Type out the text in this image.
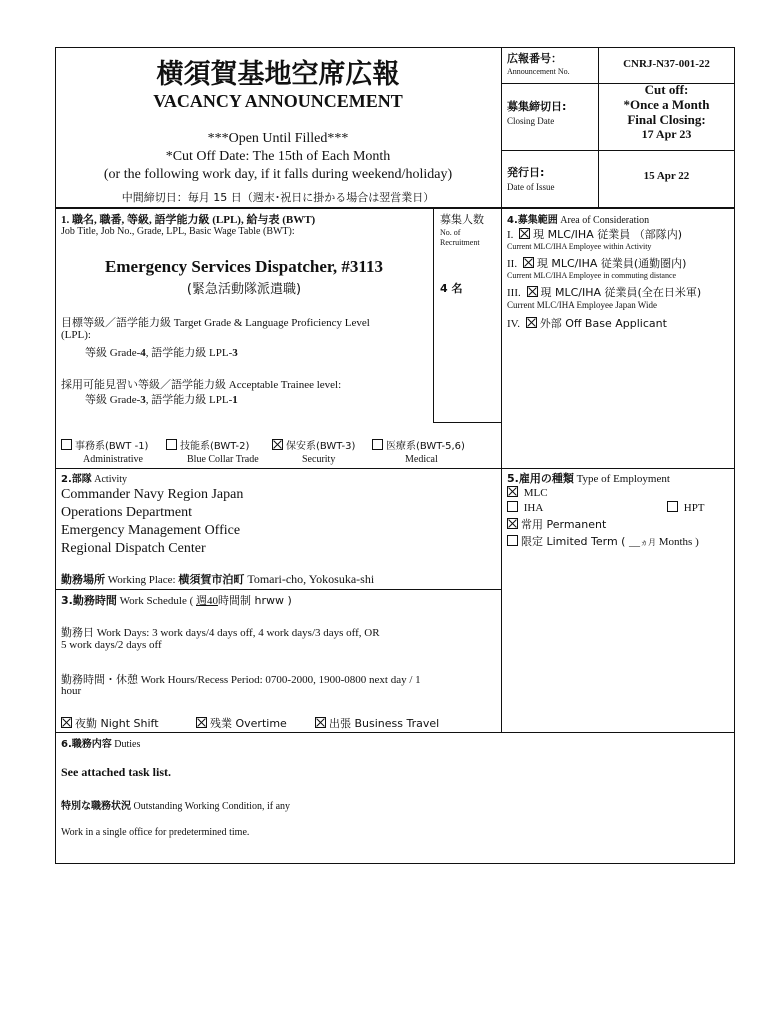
横須賀基地空席広報
VACANCY ANNOUNCEMENT
***Open Until Filled***
*Cut Off Date: The 15th of Each Month
(or the following work day, if it falls during weekend/holiday)
中間締切日：毎月 15 日（週末･祝日に掛かる場合は翌営業日）
広報番号：
Announcement No.
CNRJ-N37-001-22
募集締切日:
Closing Date
Cut off:
*Once a Month
Final Closing:
17 Apr 23
発行日:
Date of Issue
15 Apr 22
1. 職名, 職番, 等級, 語学能力級 (LPL), 給与表 (BWT)
Job Title, Job No., Grade, LPL, Basic Wage Table (BWT):
Emergency Services Dispatcher, #3113
(緊急活動隊派遣職)
目標等級／語学能力級 Target Grade & Language Proficiency Level
(LPL):
等級 Grade-4, 語学能力級 LPL-3
採用可能見習い等級／語学能力級 Acceptable Trainee level:
等級 Grade-3, 語学能力級 LPL-1
募集人数
No. of
Recruitment
4 名
事務系(BWT -1)
Administrative
技能系(BWT-2)
Blue Collar Trade
保安系(BWT-3)
Security
医療系(BWT-5,6)
Medical
4.募集範囲 Area of Consideration
I. 現 MLC/IHA 従業員 （部隊内)
Current MLC/IHA Employee within Activity
II. 現 MLC/IHA 従業員(通勤圏内)
Current MLC/IHA Employee in commuting distance
III. 現 MLC/IHA 従業員(全在日米軍)
Current MLC/IHA Employee Japan Wide
IV. 外部 Off Base Applicant
2.部隊 Activity
Commander Navy Region Japan
Operations Department
Emergency Management Office
Regional Dispatch Center
勤務場所 Working Place: 横須賀市泊町 Tomari-cho, Yokosuka-shi
5.雇用の種類 Type of Employment
MLC
IHA	HPT
常用 Permanent
限定 Limited Term ( __ヵ月 Months )
3.勤務時間 Work Schedule ( 週40時間制 hrww )
勤務日 Work Days: 3 work days/4 days off, 4 work days/3 days off, OR
5 work days/2 days off
勤務時間・休憩 Work Hours/Recess Period: 0700-2000, 1900-0800 next day / 1
hour
夜勤 Night Shift	残業 Overtime	出張 Business Travel
6.職務内容 Duties
See attached task list.
特別な職務状況 Outstanding Working Condition, if any
Work in a single office for predetermined time.
